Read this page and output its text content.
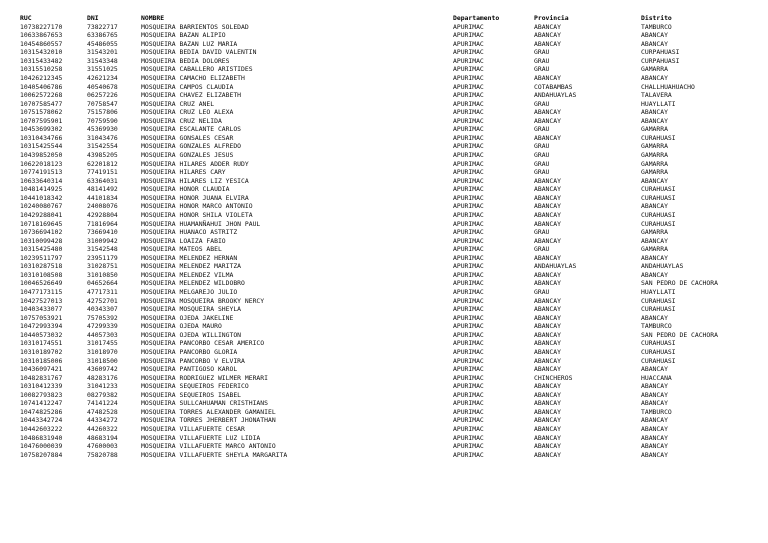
RUC	DNI	NOMBRE	Departamento	Provincia	Distrito
10738227170	73822717	MOSQUEIRA BARRIENTOS SOLEDAD	APURIMAC	ABANCAY	TAMBURCO
10633867653	63386765	MOSQUEIRA BAZAN ALIPIO	APURIMAC	ABANCAY	ABANCAY
10454860557	45486055	MOSQUEIRA BAZAN LUZ MARIA	APURIMAC	ABANCAY	ABANCAY
10315432010	31543201	MOSQUEIRA BEDIA DAVID VALENTIN	APURIMAC	GRAU	CURPAHUASI
10315433482	31543348	MOSQUEIRA BEDIA DOLORES	APURIMAC	GRAU	CURPAHUASI
10315510258	31551025	MOSQUEIRA CABALLERO ARISTIDES	APURIMAC	GRAU	GAMARRA
10426212345	42621234	MOSQUEIRA CAMACHO ELIZABETH	APURIMAC	ABANCAY	ABANCAY
10405406786	40540678	MOSQUEIRA CAMPOS CLAUDIA	APURIMAC	COTABAMBAS	CHALLHUAHUACHO
10062572268	06257226	MOSQUEIRA CHAVEZ ELIZABETH	APURIMAC	ANDAHUAYLAS	TALAVERA
10707585477	70758547	MOSQUEIRA CRUZ ANEL	APURIMAC	GRAU	HUAYLLATI
10751578062	75157806	MOSQUEIRA CRUZ LEO ALEXA	APURIMAC	ABANCAY	ABANCAY
10707595901	70759590	MOSQUEIRA CRUZ NELIDA	APURIMAC	ABANCAY	ABANCAY
10453699302	45369930	MOSQUEIRA ESCALANTE CARLOS	APURIMAC	GRAU	GAMARRA
10310434766	31043476	MOSQUEIRA GONSALES CESAR	APURIMAC	ABANCAY	CURAHUASI
10315425544	31542554	MOSQUEIRA GONZALES ALFREDO	APURIMAC	GRAU	GAMARRA
10439852050	43985205	MOSQUEIRA GONZALES JESUS	APURIMAC	GRAU	GAMARRA
10622018123	62201812	MOSQUEIRA HILARES ADDER RUDY	APURIMAC	GRAU	GAMARRA
10774191513	77419151	MOSQUEIRA HILARES CARY	APURIMAC	GRAU	GAMARRA
10633640314	63364031	MOSQUEIRA HILARES LIZ YESICA	APURIMAC	ABANCAY	ABANCAY
10481414925	48141492	MOSQUEIRA HONOR CLAUDIA	APURIMAC	ABANCAY	CURAHUASI
10441018342	44101834	MOSQUEIRA HONOR JUANA ELVIRA	APURIMAC	ABANCAY	CURAHUASI
10240080767	24008076	MOSQUEIRA HONOR MARCO ANTONIO	APURIMAC	ABANCAY	ABANCAY
10429288041	42928804	MOSQUEIRA HONOR SHILA VIOLETA	APURIMAC	ABANCAY	CURAHUASI
10718169645	71816964	MOSQUEIRA HUAMANÑAHUI JHON PAUL	APURIMAC	ABANCAY	CURAHUASI
10736694102	73669410	MOSQUEIRA HUANACO ASTRITZ	APURIMAC	GRAU	GAMARRA
10310099428	31009942	MOSQUEIRA LOAIZA FABIO	APURIMAC	ABANCAY	ABANCAY
10315425480	31542548	MOSQUEIRA MATEOS ABEL	APURIMAC	GRAU	GAMARRA
10239511797	23951179	MOSQUEIRA MELENDEZ HERNAN	APURIMAC	ABANCAY	ABANCAY
10310287518	31028751	MOSQUEIRA MELENDEZ MARITZA	APURIMAC	ANDAHUAYLAS	ANDAHUAYLAS
10310108508	31010850	MOSQUEIRA MELENDEZ VILMA	APURIMAC	ABANCAY	ABANCAY
10046526649	04652664	MOSQUEIRA MELENDEZ WILDOBRO	APURIMAC	ABANCAY	SAN PEDRO DE CACHORA
10477173115	47717311	MOSQUEIRA MELGAREJO JULIO	APURIMAC	GRAU	HUAYLLATI
10427527013	42752701	MOSQUEIRA MOSQUEIRA BROOKY NERCY	APURIMAC	ABANCAY	CURAHUASI
10403433077	40343307	MOSQUEIRA MOSQUEIRA SHEYLA	APURIMAC	ABANCAY	CURAHUASI
10757053921	75705392	MOSQUEIRA OJEDA JAKELINE	APURIMAC	ABANCAY	ABANCAY
10472993394	47299339	MOSQUEIRA OJEDA MAURO	APURIMAC	ABANCAY	TAMBURCO
10440573032	44057303	MOSQUEIRA OJEDA WILLINGTON	APURIMAC	ABANCAY	SAN PEDRO DE CACHORA
10310174551	31017455	MOSQUEIRA PANCORBO CESAR AMERICO	APURIMAC	ABANCAY	CURAHUASI
10310189702	31018970	MOSQUEIRA PANCORBO GLORIA	APURIMAC	ABANCAY	CURAHUASI
10310185006	31018500	MOSQUEIRA PANCORBO V ELVIRA	APURIMAC	ABANCAY	CURAHUASI
10436097421	43609742	MOSQUEIRA PANTIGOSO KAROL	APURIMAC	ABANCAY	ABANCAY
10482831767	48283176	MOSQUEIRA RODRIGUEZ WILMER MERARI	APURIMAC	CHINCHEROS	HUACCANA
10310412339	31041233	MOSQUEIRA SEQUEIROS FEDERICO	APURIMAC	ABANCAY	ABANCAY
10082793823	08279382	MOSQUEIRA SEQUEIROS ISABEL	APURIMAC	ABANCAY	ABANCAY
10741412247	74141224	MOSQUEIRA SULLCAHUAMAN CRISTHIANS	APURIMAC	ABANCAY	ABANCAY
10474825286	47482528	MOSQUEIRA TORRES ALEXANDER GAMANIEL	APURIMAC	ABANCAY	TAMBURCO
10443342724	44334272	MOSQUEIRA TORRES JHERBERT JHONATHAN	APURIMAC	ABANCAY	ABANCAY
10442603222	44260322	MOSQUEIRA VILLAFUERTE CESAR	APURIMAC	ABANCAY	ABANCAY
10486831940	48683194	MOSQUEIRA VILLAFUERTE LUZ LIDIA	APURIMAC	ABANCAY	ABANCAY
10476000039	47600003	MOSQUEIRA VILLAFUERTE MARCO ANTONIO	APURIMAC	ABANCAY	ABANCAY
10758207884	75820788	MOSQUEIRA VILLAFUERTE SHEYLA MARGARITA	APURIMAC	ABANCAY	ABANCAY
